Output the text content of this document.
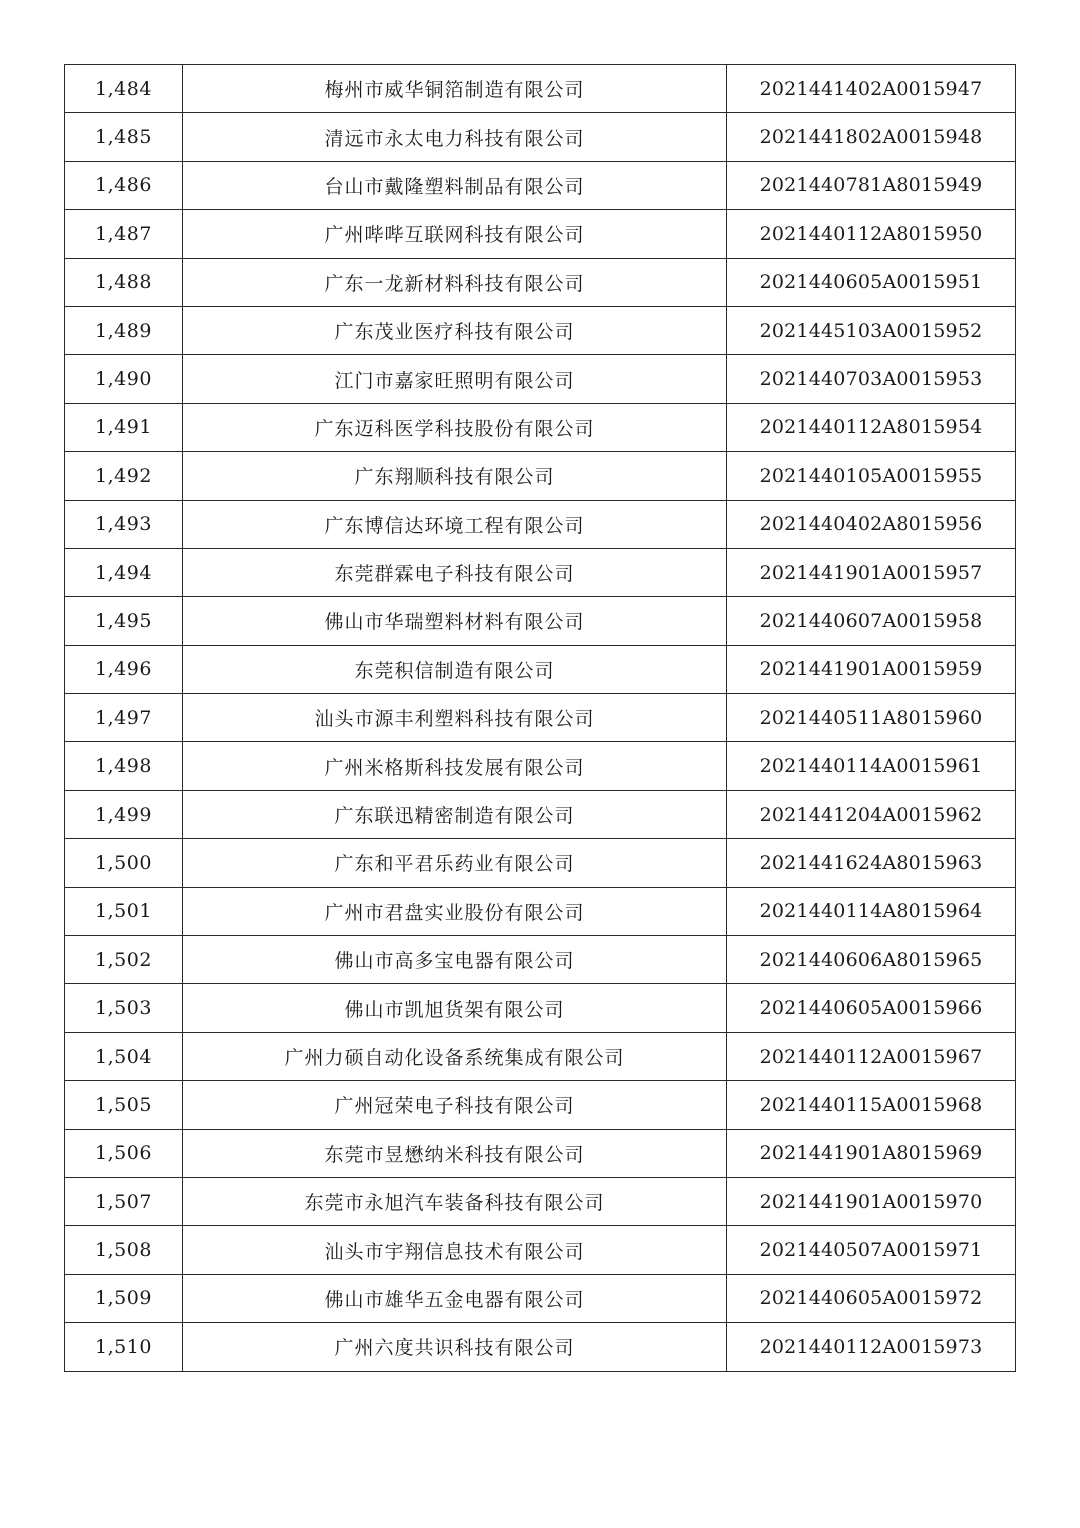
1,484	梅州市威华铜箔制造有限公司	2021441402A0015947
1,485	清远市永太电力科技有限公司	2021441802A0015948
1,486	台山市戴隆塑料制品有限公司	2021440781A8015949
1,487	广州哔哔互联网科技有限公司	2021440112A8015950
1,488	广东一龙新材料科技有限公司	2021440605A0015951
1,489	广东茂业医疗科技有限公司	2021445103A0015952
1,490	江门市嘉家旺照明有限公司	2021440703A0015953
1,491	广东迈科医学科技股份有限公司	2021440112A8015954
1,492	广东翔顺科技有限公司	2021440105A0015955
1,493	广东博信达环境工程有限公司	2021440402A8015956
1,494	东莞群霖电子科技有限公司	2021441901A0015957
1,495	佛山市华瑞塑料材料有限公司	2021440607A0015958
1,496	东莞积信制造有限公司	2021441901A0015959
1,497	汕头市源丰利塑料科技有限公司	2021440511A8015960
1,498	广州米格斯科技发展有限公司	2021440114A0015961
1,499	广东联迅精密制造有限公司	2021441204A0015962
1,500	广东和平君乐药业有限公司	2021441624A8015963
1,501	广州市君盘实业股份有限公司	2021440114A8015964
1,502	佛山市高多宝电器有限公司	2021440606A8015965
1,503	佛山市凯旭货架有限公司	2021440605A0015966
1,504	广州力硕自动化设备系统集成有限公司	2021440112A0015967
1,505	广州冠荣电子科技有限公司	2021440115A0015968
1,506	东莞市昱懋纳米科技有限公司	2021441901A8015969
1,507	东莞市永旭汽车装备科技有限公司	2021441901A0015970
1,508	汕头市宇翔信息技术有限公司	2021440507A0015971
1,509	佛山市雄华五金电器有限公司	2021440605A0015972
1,510	广州六度共识科技有限公司	2021440112A0015973
